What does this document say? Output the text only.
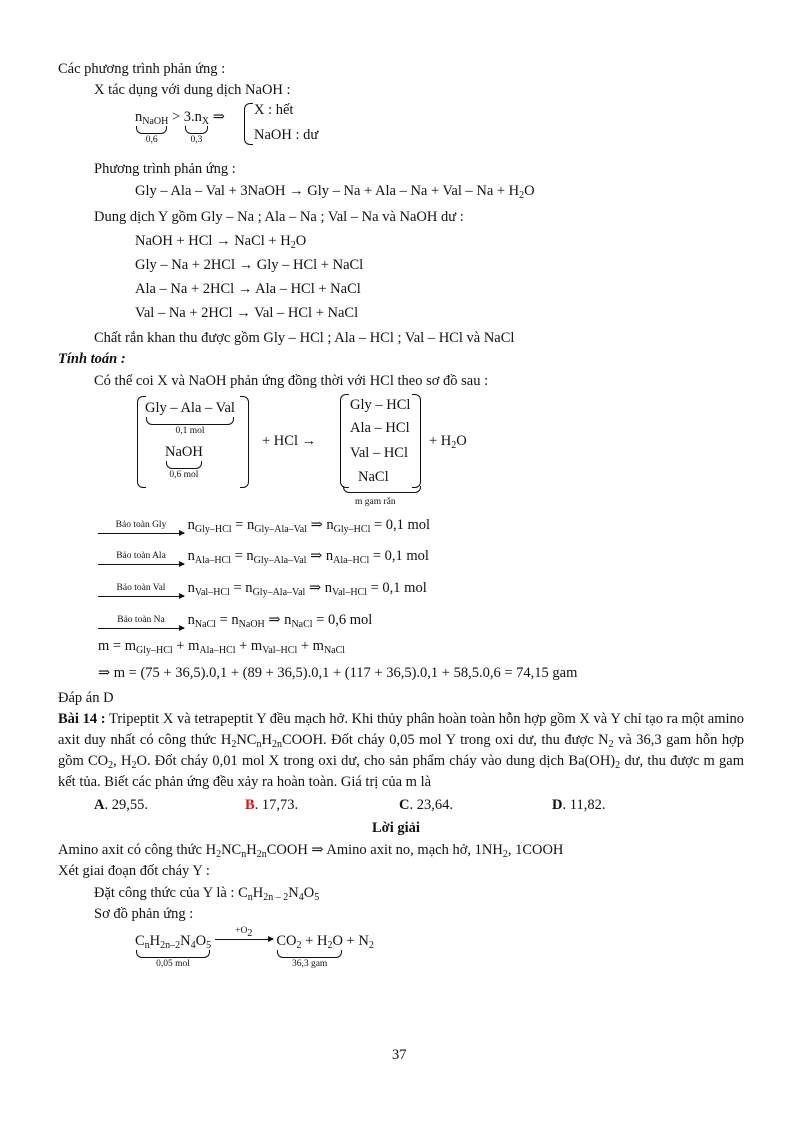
Các phương trình phản ứng :
X tác dụng với dung dịch NaOH :
$n_{NaOH}$
0,6
> $3.n_X$
0,3
⇒ X : hết
NaOH : dư
Phương trình phản ứng :
Gly – Ala – Val + 3NaOH → Gly – Na + Ala – Na + Val – $Na + H_2O$
Dung dịch Y gồm Gly – Na ; Ala – Na ; Val – Na và NaOH dư :
NaOH + HCl → NaCl + $H_2O$
Gly – Na + 2HCl → Gly – HCl + NaCl
Ala – Na + 2HCl → Ala – HCl + NaCl
Val – Na + 2HCl → Val – HCl + NaCl
Chất rắn khan thu được gồm Gly – HCl ; Ala – HCl ; Val – HCl và NaCl
Tính toán :
Có thể coi X và NaOH phản ứng đồng thời với HCl theo sơ đồ sau :
Gly – Ala – Val
0,1 mol
NaOH
0,6 mol
+ HCl →
Gly – HCl
Ala – HCl
Val – HCl
NaCl
m gam rắn
+ $H_2O$
Bảo toàn Gly	$n_{Gly-HCl} = n_{Gly-Ala-Val}$ ⇒ $n_{Gly-HCl} = 0,1$ mol
Bảo toàn Ala	$n_{Ala-HCl} = n_{Gly-Ala-Val}$ ⇒ $n_{Ala-HCl} = 0,1$ mol
Bảo toàn Val	$n_{Val-HCl} = n_{Gly-Ala-Val}$ ⇒ $n_{Val-HCl} = 0,1$ mol
Bảo toàn Na	$n_{NaCl} = n_{NaOH}$ ⇒ $n_{NaCl} = 0,6$ mol
$m = m_{Gly-HCl} + m_{Ala-HCl} + m_{Val-HCl} + m_{NaCl}$
⇒ m = (75 + 36,5).0,1 + (89 + 36,5).0,1 + (117 + 36,5).0,1 + 58,5.0,6 = 74,15 gam
Đáp án D
Bài 14 : Tripeptit X và tetrapeptit Y đều mạch hở. Khi thủy phân hoàn toàn hỗn hợp gồm X và Y chỉ tạo ra một amino axit duy nhất có công thức $H_2NC_nH_{2n}COOH$. Đốt cháy 0,05 mol Y trong oxi dư, thu được $N_2$ và 36,3 gam hỗn hợp gồm $CO_2$, $H_2O$. Đốt cháy 0,01 mol X trong oxi dư, cho sản phẩm cháy vào dung dịch $Ba(OH)_2$ dư, thu được m gam kết tủa. Biết các phản ứng đều xảy ra hoàn toàn. Giá trị của m là
A. 29,55.	B. 17,73.	C. 23,64.	D. 11,82.
Lời giải
Amino axit có công thức $H_2NC_nH_{2n}COOH$ ⇒ Amino axit no, mạch hở, $1NH_2$, 1COOH
Xét giai đoạn đốt cháy Y :
Đặt công thức của Y là : $C_nH_{2n - 2}N_4O_5$
Sơ đồ phản ứng :
$C_nH_{2n-2}N_4O_5$
0,05 mol

$+O_2$
	$CO_2 + H_2O$
36,3 gam
+ $N_2$
37
